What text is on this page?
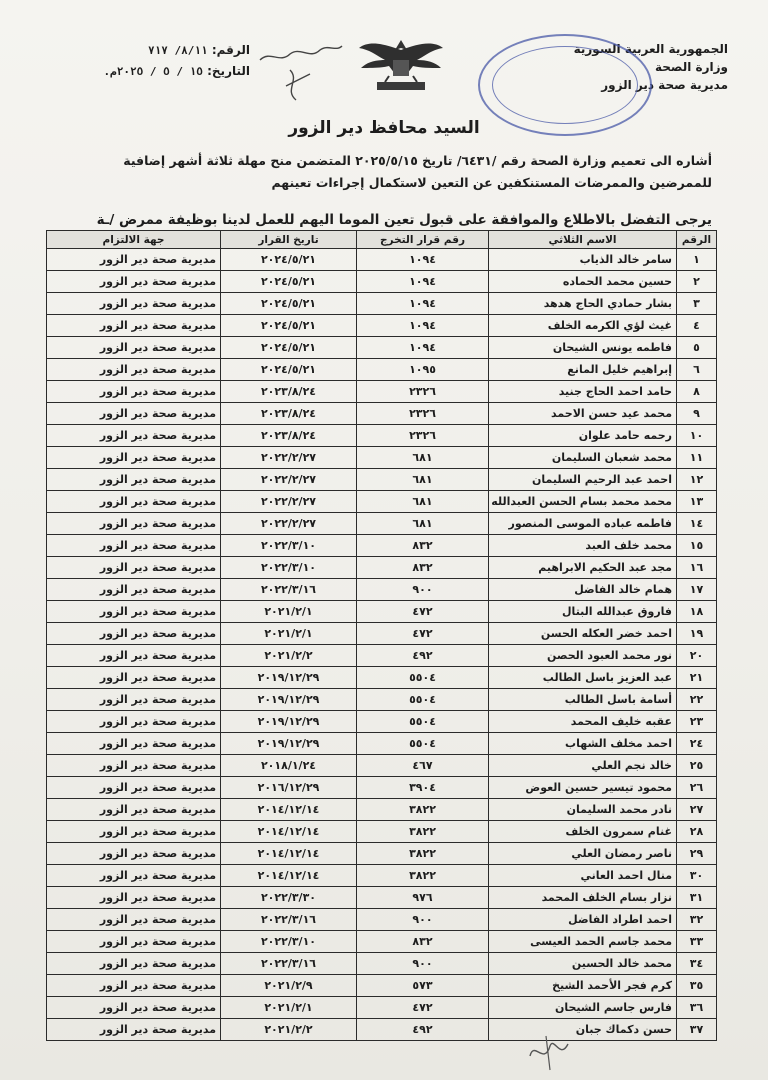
الجمهورية العربية السورية
وزارة الصحة
مديرية صحة دير الزور
الرقم: ٨/١١/ ٧١٧
التاريخ: ١٥ / ٥ / ٢٠٢٥م.
السيد محافظ دير الزور
أشاره الى تعميم وزارة الصحة رقم /٦٤٣١/ تاريخ ٢٠٢٥/٥/١٥ المتضمن منح مهلة ثلاثة أشهر إضافية
للممرضين والممرضات المستنكفين عن التعين لاستكمال إجراءات تعينهم
يرجى التفضل بالاطلاع والموافقة على قبول تعين الموما اليهم للعمل لدينا بوظيفة ممرض /ـة
الرقم	الاسم الثلاثي	رقم قرار التخرج	تاريخ القرار	جهة الالتزام
١	سامر خالد الذياب	١٠٩٤	٢٠٢٤/٥/٢١	مديرية صحة دير الزور
٢	حسين محمد الحماده	١٠٩٤	٢٠٢٤/٥/٢١	مديرية صحة دير الزور
٣	بشار حمادي الحاج هدهد	١٠٩٤	٢٠٢٤/٥/٢١	مديرية صحة دير الزور
٤	غيث لؤي الكرمه الخلف	١٠٩٤	٢٠٢٤/٥/٢١	مديرية صحة دير الزور
٥	فاطمه يونس الشيحان	١٠٩٤	٢٠٢٤/٥/٢١	مديرية صحة دير الزور
٦	إبراهيم خليل المانع	١٠٩٥	٢٠٢٤/٥/٢١	مديرية صحة دير الزور
٨	حامد احمد الحاج جنيد	٢٣٢٦	٢٠٢٣/٨/٢٤	مديرية صحة دير الزور
٩	محمد عيد حسن الاحمد	٢٣٢٦	٢٠٢٣/٨/٢٤	مديرية صحة دير الزور
١٠	رحمه حامد علوان	٢٣٢٦	٢٠٢٣/٨/٢٤	مديرية صحة دير الزور
١١	محمد شعبان السليمان	٦٨١	٢٠٢٢/٢/٢٧	مديرية صحة دير الزور
١٢	احمد عبد الرحيم السليمان	٦٨١	٢٠٢٢/٢/٢٧	مديرية صحة دير الزور
١٣	محمد محمد بسام الحسن العبدالله	٦٨١	٢٠٢٢/٢/٢٧	مديرية صحة دير الزور
١٤	فاطمه عباده الموسى المنصور	٦٨١	٢٠٢٢/٢/٢٧	مديرية صحة دير الزور
١٥	محمد خلف العبد	٨٣٢	٢٠٢٢/٣/١٠	مديرية صحة دير الزور
١٦	مجد عبد الحكيم الابراهيم	٨٣٢	٢٠٢٢/٣/١٠	مديرية صحة دير الزور
١٧	همام خالد الفاضل	٩٠٠	٢٠٢٢/٣/١٦	مديرية صحة دير الزور
١٨	فاروق عبدالله البتال	٤٧٢	٢٠٢١/٢/١	مديرية صحة دير الزور
١٩	احمد خضر العكله الحسن	٤٧٢	٢٠٢١/٢/١	مديرية صحة دير الزور
٢٠	نور محمد العبود الحصن	٤٩٢	٢٠٢١/٢/٢	مديرية صحة دير الزور
٢١	عبد العزيز باسل الطالب	٥٥٠٤	٢٠١٩/١٢/٢٩	مديرية صحة دير الزور
٢٢	أسامة باسل الطالب	٥٥٠٤	٢٠١٩/١٢/٢٩	مديرية صحة دير الزور
٢٣	عقبه خليف المحمد	٥٥٠٤	٢٠١٩/١٢/٢٩	مديرية صحة دير الزور
٢٤	احمد مخلف الشهاب	٥٥٠٤	٢٠١٩/١٢/٢٩	مديرية صحة دير الزور
٢٥	خالد نجم العلي	٤٦٧	٢٠١٨/١/٢٤	مديرية صحة دير الزور
٢٦	محمود تيسير حسين العوض	٣٩٠٤	٢٠١٦/١٢/٢٩	مديرية صحة دير الزور
٢٧	نادر محمد السليمان	٣٨٢٢	٢٠١٤/١٢/١٤	مديرية صحة دير الزور
٢٨	غنام سمرون الخلف	٣٨٢٢	٢٠١٤/١٢/١٤	مديرية صحة دير الزور
٢٩	ناصر رمضان العلي	٣٨٢٢	٢٠١٤/١٢/١٤	مديرية صحة دير الزور
٣٠	منال احمد العاني	٣٨٢٢	٢٠١٤/١٢/١٤	مديرية صحة دير الزور
٣١	نزار بسام الخلف المحمد	٩٧٦	٢٠٢٢/٣/٣٠	مديرية صحة دير الزور
٣٢	احمد اطراد الفاضل	٩٠٠	٢٠٢٢/٣/١٦	مديرية صحة دير الزور
٣٣	محمد جاسم الحمد العيسى	٨٣٢	٢٠٢٢/٣/١٠	مديرية صحة دير الزور
٣٤	محمد خالد الحسين	٩٠٠	٢٠٢٢/٣/١٦	مديرية صحة دير الزور
٣٥	كرم فجر الأحمد الشيخ	٥٧٣	٢٠٢١/٢/٩	مديرية صحة دير الزور
٣٦	فارس جاسم الشيحان	٤٧٢	٢٠٢١/٢/١	مديرية صحة دير الزور
٣٧	حسن دكماك جبان	٤٩٢	٢٠٢١/٢/٢	مديرية صحة دير الزور
